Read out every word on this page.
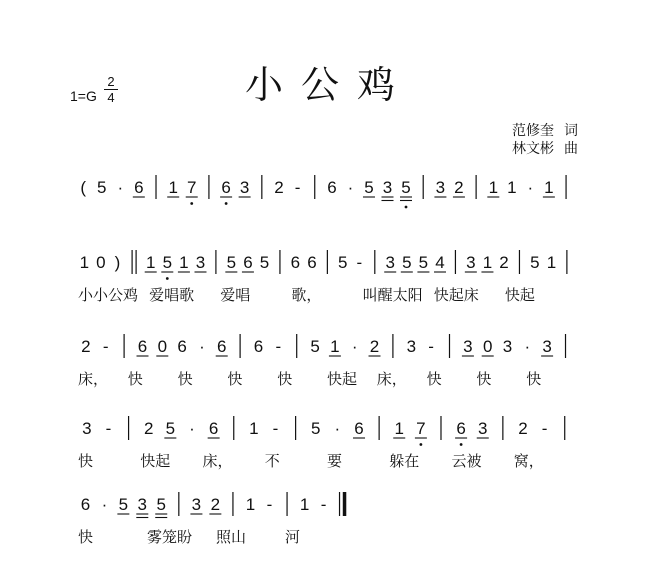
$1=G \frac{2}{4}$	小公鸡
范修奎 词
林文彬 曲
( 5 · 6 1 7 6 3 2 - 6 · 5 3 5 3 2 1 1 · 1
1 0 ) 1 5 1 3 5 6 5 6 6 5 - 3 5 5 4 3 1 2 5 1
小小公鸡 爱唱歌 爱唱	歌，	叫醒太阳 快起床 快起
2 - 6 0 6 · 6 6 - 5 1 · 2 3 - 3 0 3 · 3
床， 快 快 快 快 快起 床， 快 快 快
3 - 2 5 · 6 1 - 5 · 6 1 7 6 3 2 -
快	快起 床， 不	要	躲在 云被 窝，
6 · 5 3 5 3 2 1 - 1 -
快	雾笼盼 照山	河
